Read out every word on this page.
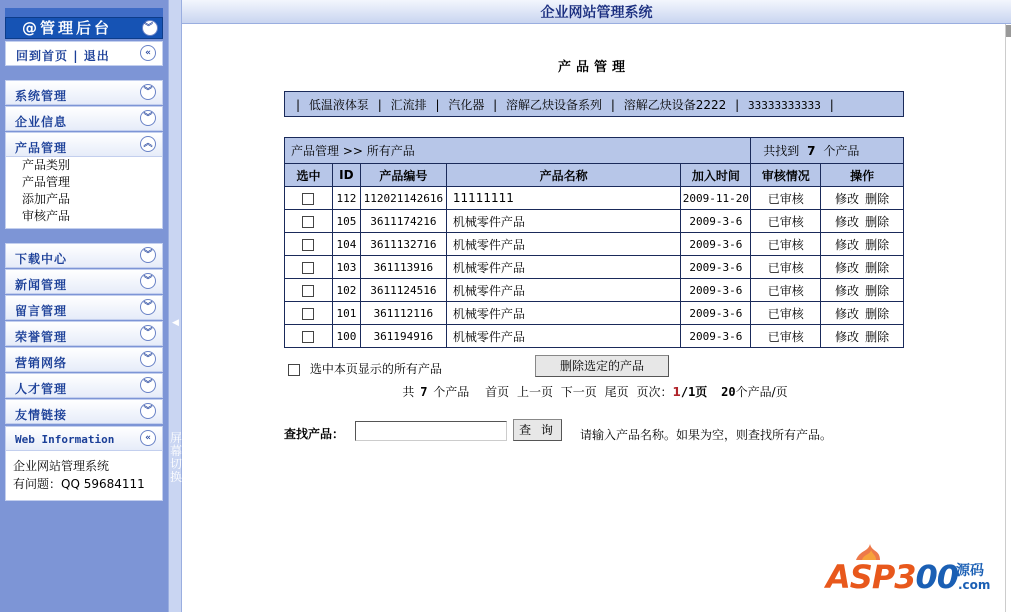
@管理后台	︾
回到首页 | 退出	«
系统管理	︾
企业信息	︾
产品管理	︽
产品类别
产品管理
添加产品
审核产品
下载中心	︾
新闻管理	︾
留言管理	︾
荣誉管理	︾
营销网络	︾
人才管理	︾
友情链接	︾
Web Information	«
企业网站管理系统
有问题：QQ 59684111
◀
屏幕切换
企业网站管理系统
产品管理
| 低温液体泵 | 汇流排 | 汽化器 | 溶解乙炔设备系列 | 溶解乙炔设备2222 | 33333333333 |
产品管理 >> 所有产品					共找到 7 个产品	
选中	ID	产品编号	产品名称	加入时间	审核情况	操作
	112	112021142616	11111111	2009-11-20	已审核	修改 删除
	105	3611174216	机械零件产品	2009-3-6	已审核	修改 删除
	104	3611132716	机械零件产品	2009-3-6	已审核	修改 删除
	103	361113916	机械零件产品	2009-3-6	已审核	修改 删除
	102	3611124516	机械零件产品	2009-3-6	已审核	修改 删除
	101	361112116	机械零件产品	2009-3-6	已审核	修改 删除
	100	361194916	机械零件产品	2009-3-6	已审核	修改 删除
选中本页显示的所有产品	删除选定的产品
共 7 个产品 首页 上一页 下一页 尾页 页次：1/1页 20个产品/页
查找产品：	查 询	请输入产品名称。如果为空，则查找所有产品。
ASP300
源码
.com
